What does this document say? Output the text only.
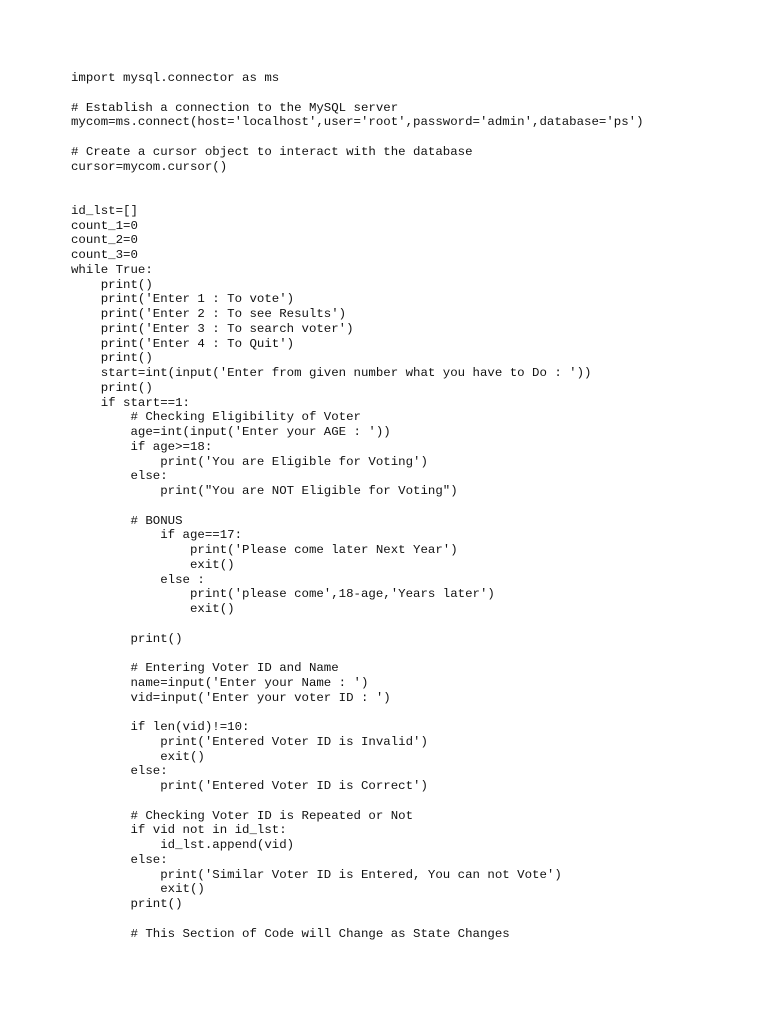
import mysql.connector as ms
# Establish a connection to the MySQL server
mycom=ms.connect(host='localhost',user='root',password='admin',database='ps')
# Create a cursor object to interact with the database
cursor=mycom.cursor()
id_lst=[]
count_1=0
count_2=0
count_3=0
while True:
print()
print('Enter 1 : To vote')
print('Enter 2 : To see Results')
print('Enter 3 : To search voter')
print('Enter 4 : To Quit')
print()
start=int(input('Enter from given number what you have to Do : '))
print()
if start==1:
# Checking Eligibility of Voter
age=int(input('Enter your AGE : '))
if age>=18:
print('You are Eligible for Voting')
else:
print("You are NOT Eligible for Voting")
# BONUS
if age==17:
print('Please come later Next Year')
exit()
else :
print('please come',18-age,'Years later')
exit()
print()
# Entering Voter ID and Name
name=input('Enter your Name : ')
vid=input('Enter your voter ID : ')
if len(vid)!=10:
print('Entered Voter ID is Invalid')
exit()
else:
print('Entered Voter ID is Correct')
# Checking Voter ID is Repeated or Not
if vid not in id_lst:
id_lst.append(vid)
else:
print('Similar Voter ID is Entered, You can not Vote')
exit()
print()
# This Section of Code will Change as State Changes
